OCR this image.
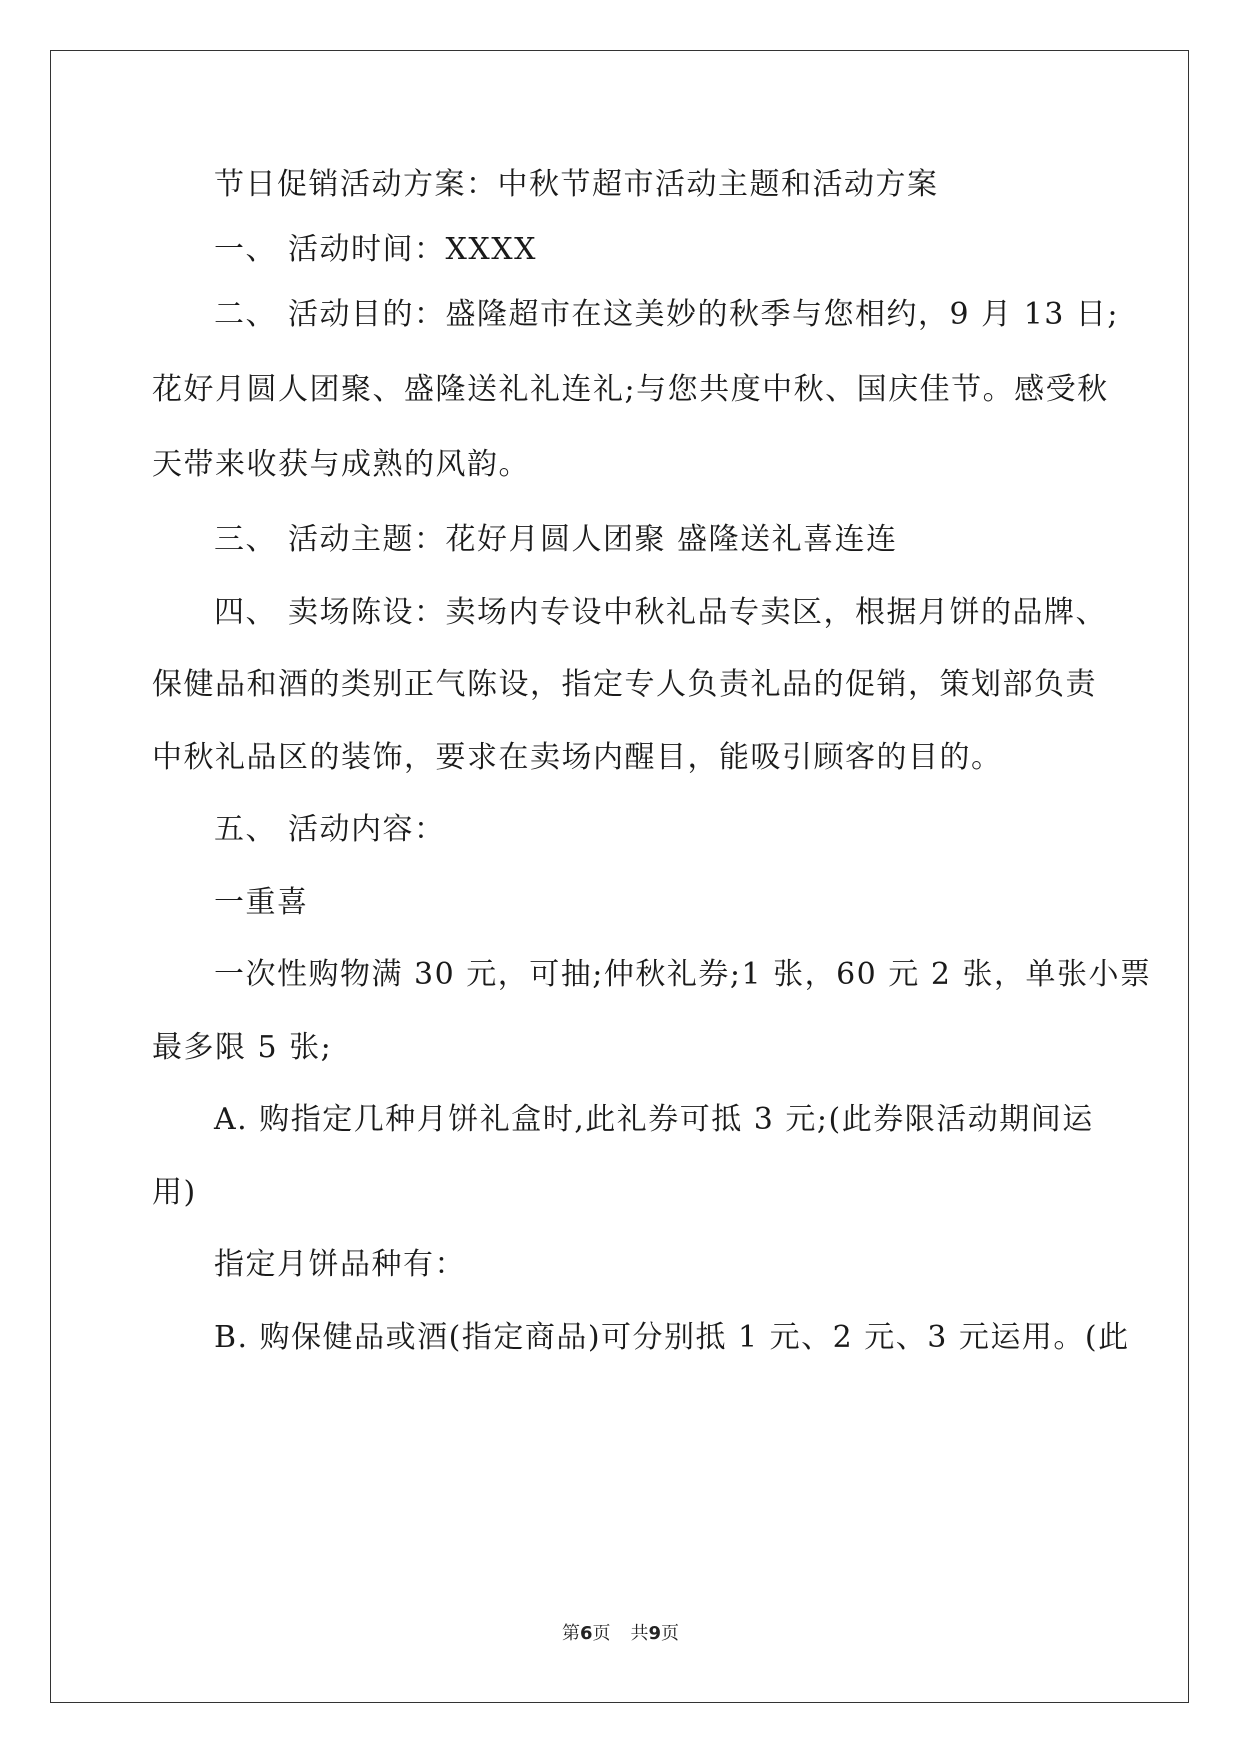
节日促销活动方案：中秋节超市活动主题和活动方案
一、 活动时间：XXXX
二、 活动目的：盛隆超市在这美妙的秋季与您相约，9 月 13 日;
花好月圆人团聚、盛隆送礼礼连礼;与您共度中秋、国庆佳节。感受秋
天带来收获与成熟的风韵。
三、 活动主题：花好月圆人团聚 盛隆送礼喜连连
四、 卖场陈设：卖场内专设中秋礼品专卖区，根据月饼的品牌、
保健品和酒的类别正气陈设，指定专人负责礼品的促销，策划部负责
中秋礼品区的装饰，要求在卖场内醒目，能吸引顾客的目的。
五、 活动内容：
一重喜
一次性购物满 30 元，可抽;仲秋礼券;1 张，60 元 2 张，单张小票
最多限 5 张;
A. 购指定几种月饼礼盒时,此礼券可抵 3 元;(此券限活动期间运
用)
指定月饼品种有：
B. 购保健品或酒(指定商品)可分别抵 1 元、2 元、3 元运用。(此
第6页 共9页
